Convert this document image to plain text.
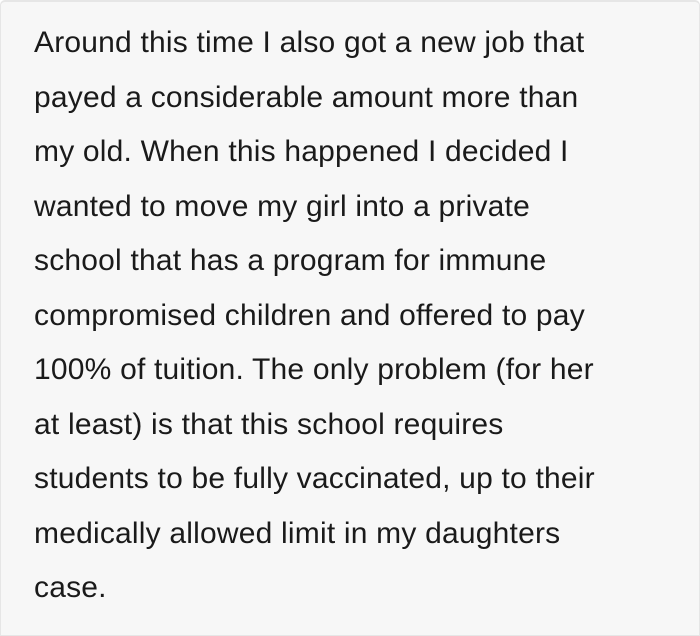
Around this time I also got a new job that
payed a considerable amount more than
my old. When this happened I decided I
wanted to move my girl into a private
school that has a program for immune
compromised children and offered to pay
100% of tuition. The only problem (for her
at least) is that this school requires
students to be fully vaccinated, up to their
medically allowed limit in my daughters
case.
